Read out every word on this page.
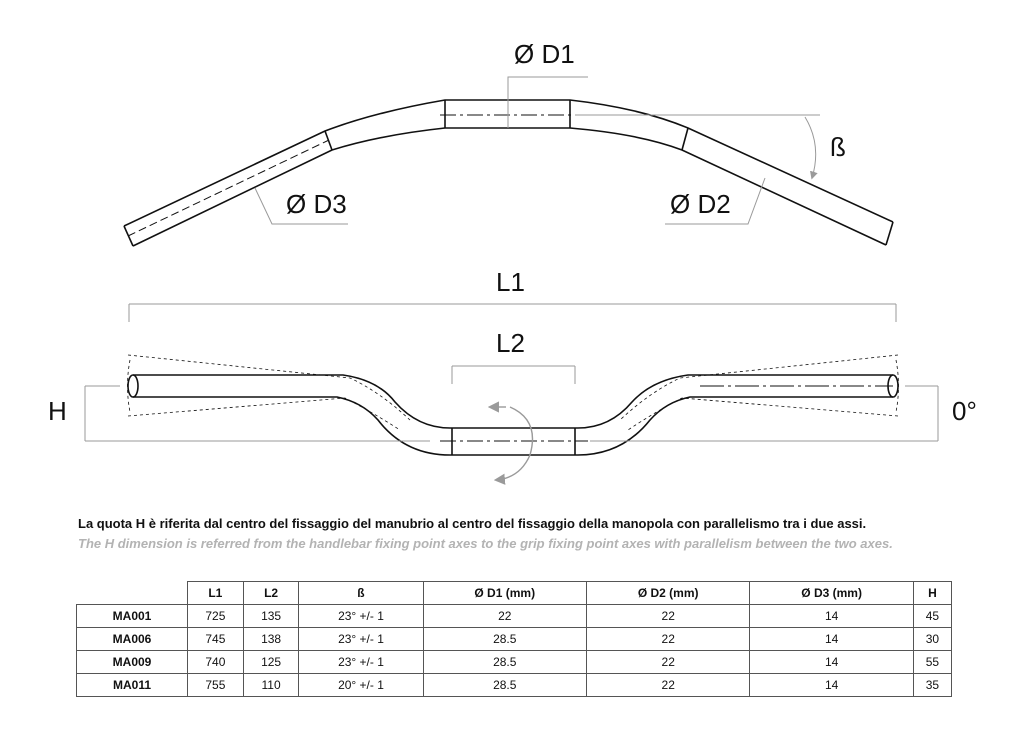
Ø D1
ß
Ø D3	Ø D2
L1
L2
H	0°

La quota H è riferita dal centro del fissaggio del manubrio al centro del fissaggio della manopola con parallelismo tra i due assi.

The H dimension is referred from the handlebar fixing point axes to the grip fixing point axes with parallelism between the two axes.

	L1	L2	ß	Ø D1 (mm)	Ø D2 (mm)	Ø D3 (mm)	H
MA001	725	135	23° +/- 1	22	22	14	45
MA006	745	138	23° +/- 1	28.5	22	14	30
MA009	740	125	23° +/- 1	28.5	22	14	55
MA011	755	110	20° +/- 1	28.5	22	14	35
